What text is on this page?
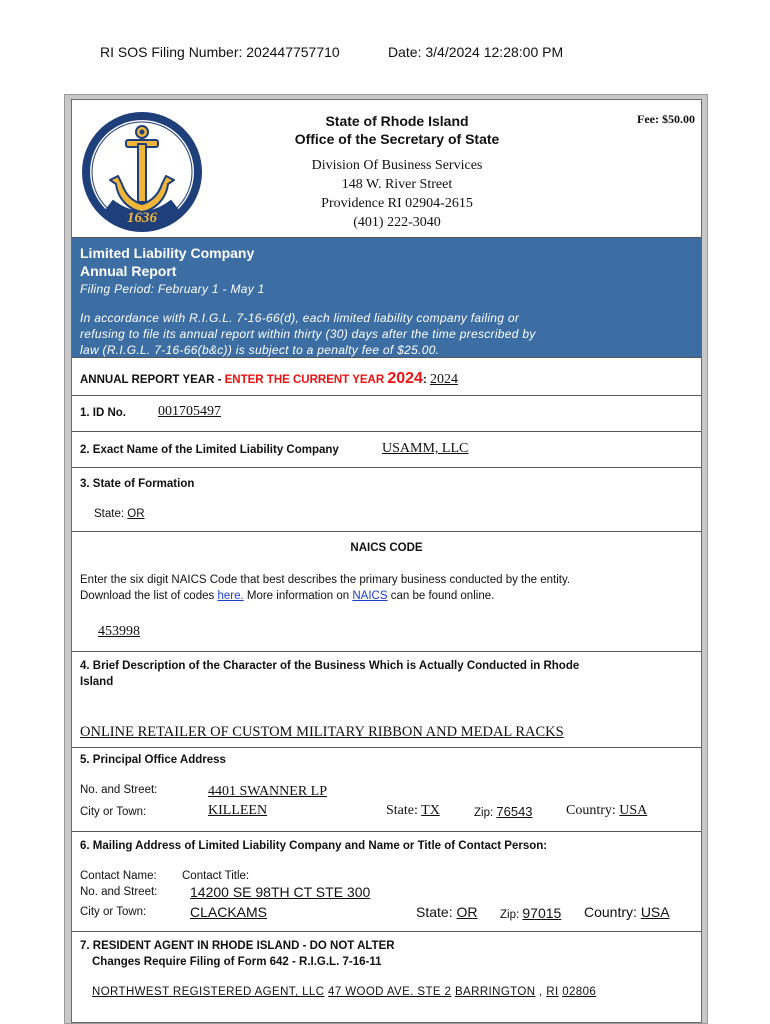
RI SOS Filing Number: 202447757710	Date: 3/4/2024 12:28:00 PM
1636
State of Rhode Island
Office of the Secretary of State
Division Of Business Services
148 W. River Street
Providence RI 02904-2615
(401) 222-3040
Fee: $50.00
Limited Liability Company
Annual Report
Filing Period: February 1 - May 1
In accordance with R.I.G.L. 7-16-66(d), each limited liability company failing or
refusing to file its annual report within thirty (30) days after the time prescribed by
law (R.I.G.L. 7-16-66(b&c)) is subject to a penalty fee of $25.00.
ANNUAL REPORT YEAR - ENTER THE CURRENT YEAR 2024: 2024
1. ID No. 001705497
2. Exact Name of the Limited Liability Company	USAMM, LLC
3. State of Formation
State: OR
NAICS CODE
Enter the six digit NAICS Code that best describes the primary business conducted by the entity.
Download the list of codes here. More information on NAICS can be found online.
453998
4. Brief Description of the Character of the Business Which is Actually Conducted in Rhode
Island
ONLINE RETAILER OF CUSTOM MILITARY RIBBON AND MEDAL RACKS
5. Principal Office Address
No. and Street:	4401 SWANNER LP
City or Town:	KILLEEN	State: TX	Zip: 76543 Country: USA
6. Mailing Address of Limited Liability Company and Name or Title of Contact Person:
Contact Name: Contact Title:
No. and Street: 14200 SE 98TH CT STE 300
City or Town:	CLACKAMS	State: OR Zip: 97015 Country: USA
7. RESIDENT AGENT IN RHODE ISLAND - DO NOT ALTER
Changes Require Filing of Form 642 - R.I.G.L. 7-16-11
NORTHWEST REGISTERED AGENT, LLC 47 WOOD AVE. STE 2 BARRINGTON , RI 02806
